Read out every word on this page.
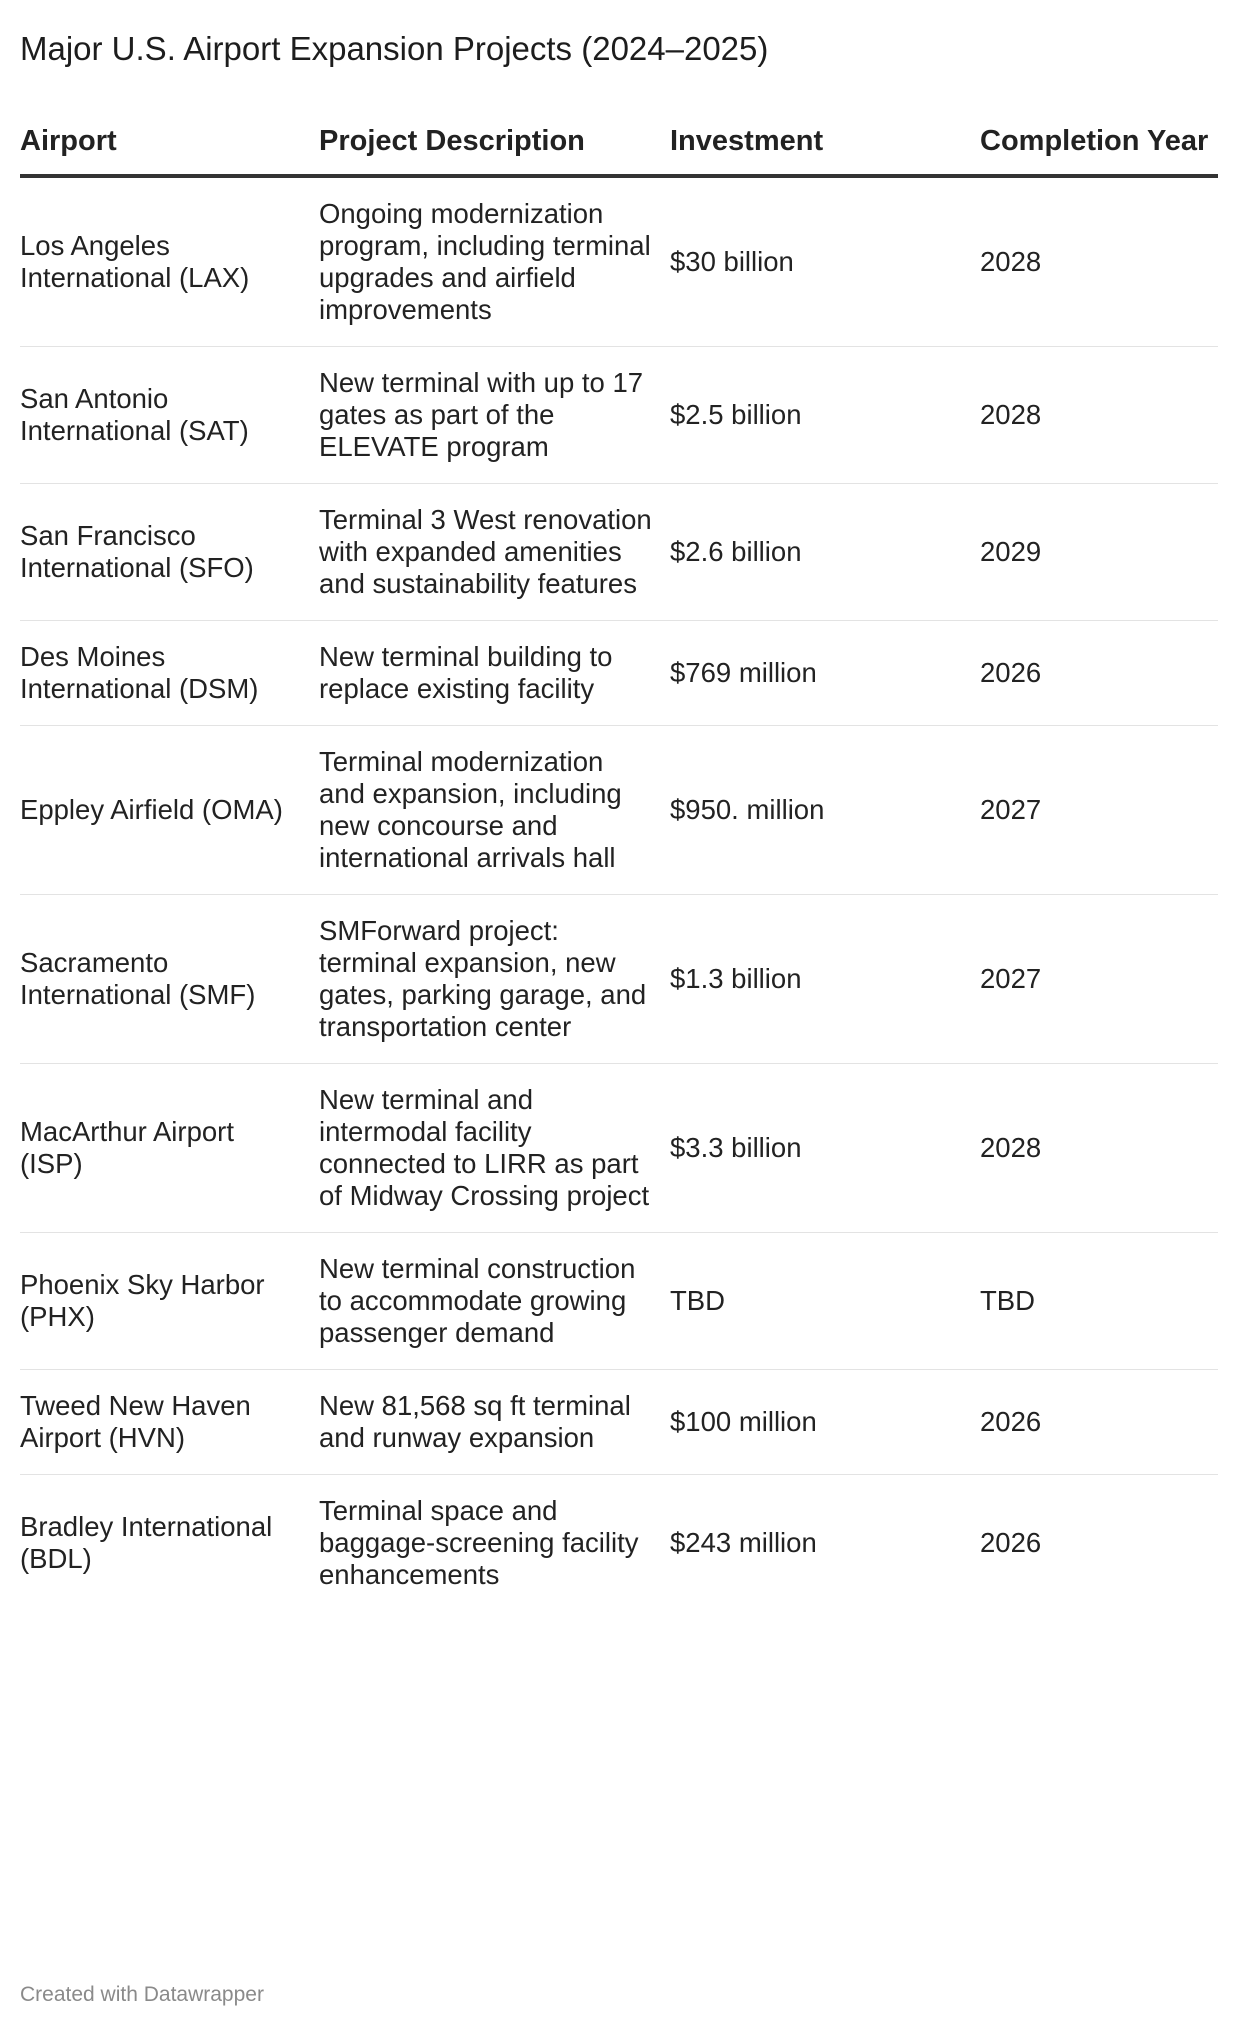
Major U.S. Airport Expansion Projects (2024–2025)
Airport	Project Description	Investment	Completion Year
Los Angeles International (LAX)	Ongoing modernization program, including terminal upgrades and airfield improvements	$30 billion	2028
San Antonio International (SAT)	New terminal with up to 17 gates as part of the ELEVATE program	$2.5 billion	2028
San Francisco International (SFO)	Terminal 3 West renovation with expanded amenities and sustainability features	$2.6 billion	2029
Des Moines International (DSM)	New terminal building to replace existing facility	$769 million	2026
Eppley Airfield (OMA)	Terminal modernization and expansion, including new concourse and international arrivals hall	$950. million	2027
Sacramento International (SMF)	SMForward project: terminal expansion, new gates, parking garage, and transportation center	$1.3 billion	2027
MacArthur Airport (ISP)	New terminal and intermodal facility connected to LIRR as part of Midway Crossing project	$3.3 billion	2028
Phoenix Sky Harbor (PHX)	New terminal construction to accommodate growing passenger demand	TBD	TBD
Tweed New Haven Airport (HVN)	New 81,568 sq ft terminal and runway expansion	$100 million	2026
Bradley International (BDL)	Terminal space and baggage-screening facility enhancements	$243 million	2026
Created with Datawrapper
